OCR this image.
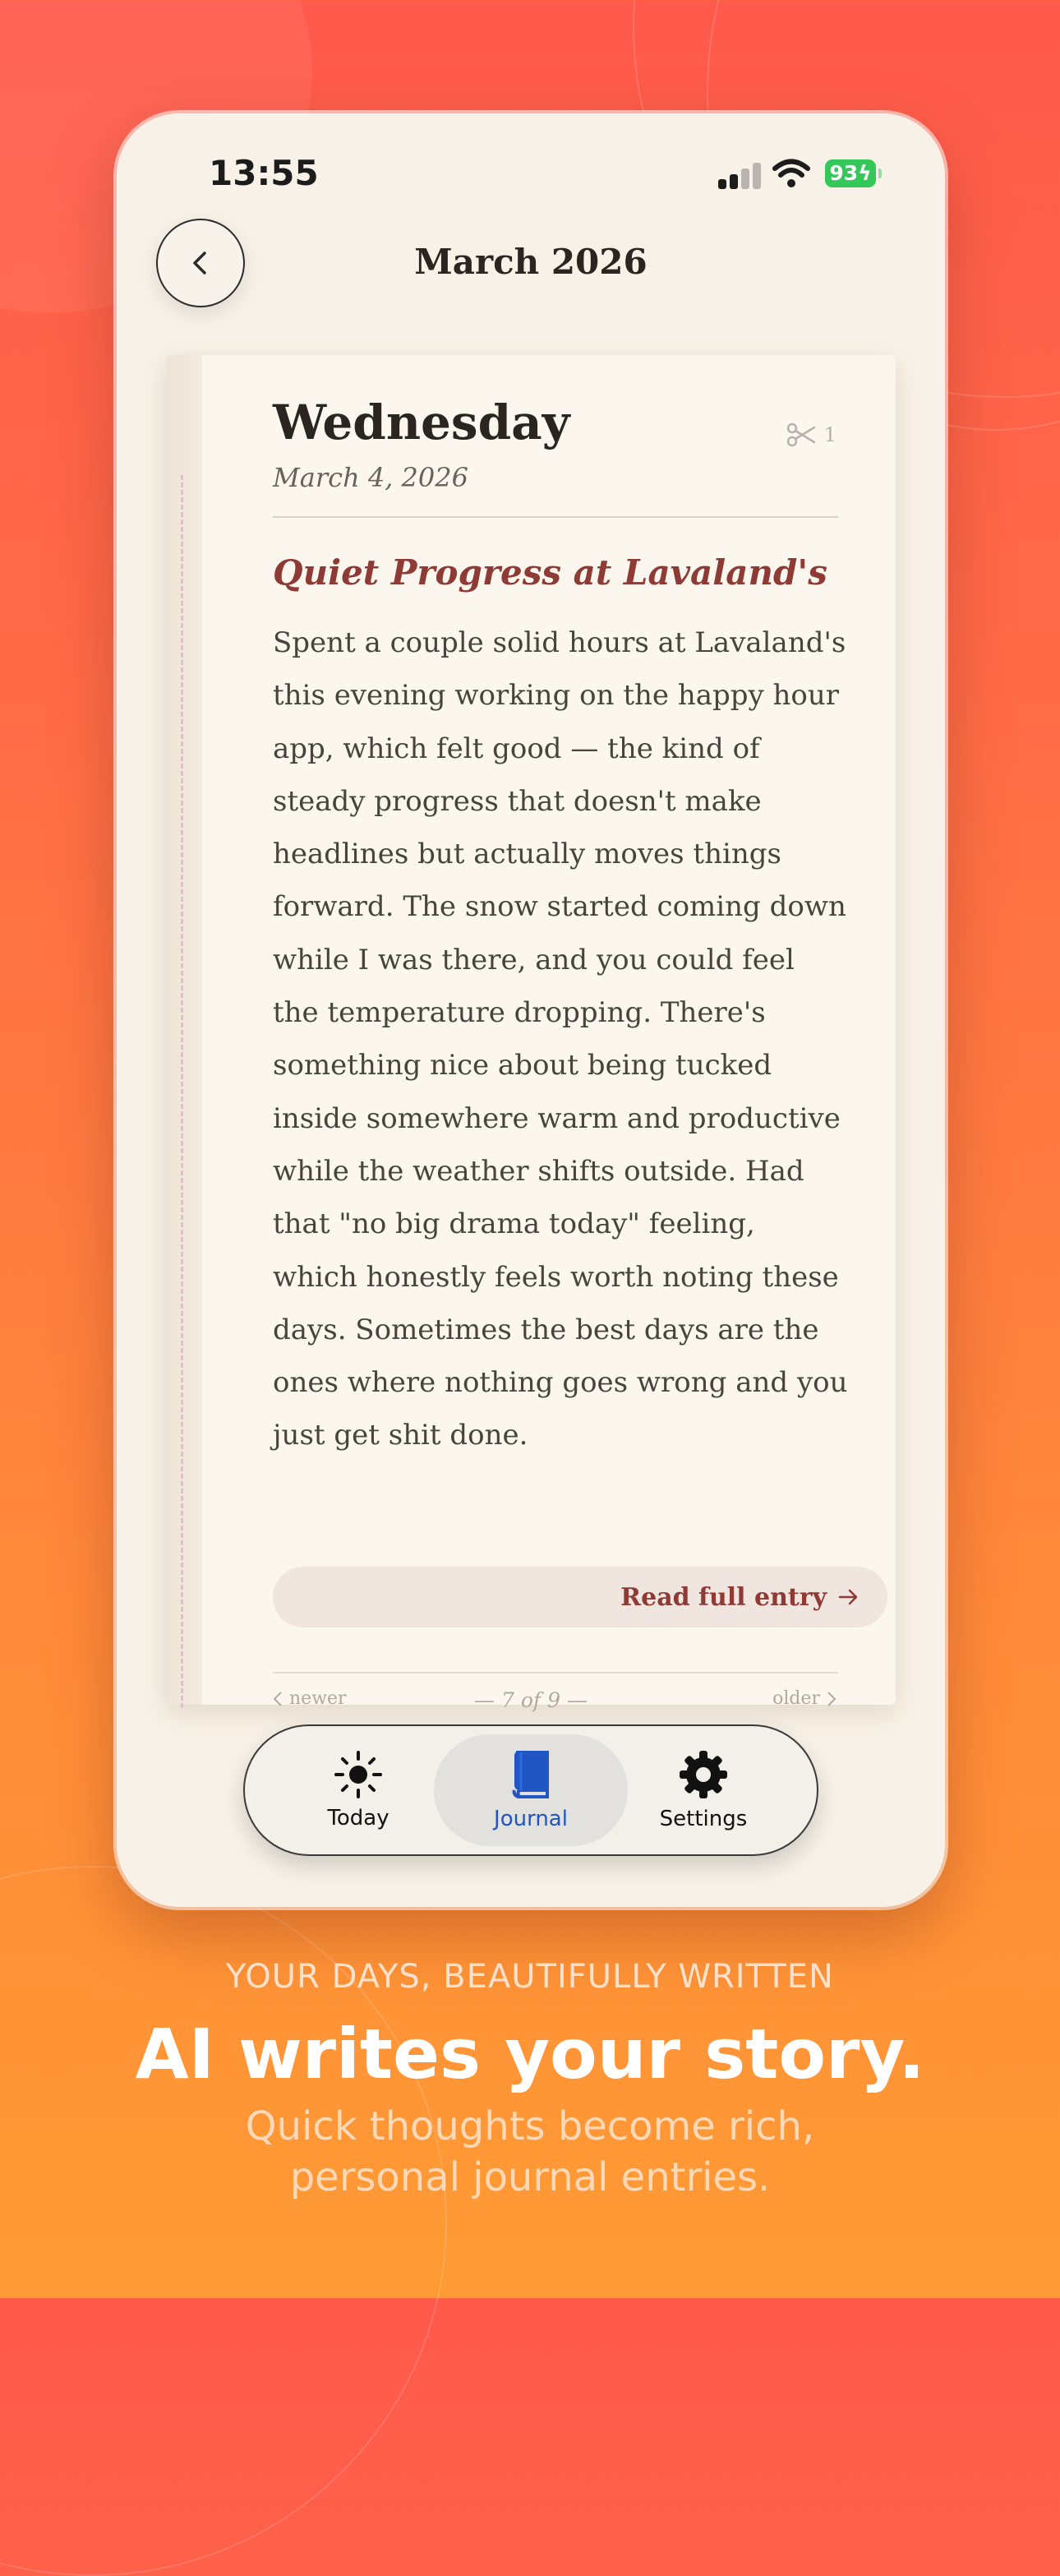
13:55	93ϟ
March 2026
Wednesday
March 4, 2026
1
Quiet Progress at Lavaland's
Spent a couple solid hours at Lavaland's this evening working on the happy hour app, which felt good — the kind of steady progress that doesn't make headlines but actually moves things forward. The snow started coming down while I was there, and you could feel the temperature dropping. There's something nice about being tucked inside somewhere warm and productive while the weather shifts outside. Had that "no big drama today" feeling, which honestly feels worth noting these days. Sometimes the best days are the ones where nothing goes wrong and you just get shit done.
Read full entry
newer	— 7 of 9 —	older
Today	Journal	Settings
YOUR DAYS, BEAUTIFULLY WRITTEN
AI writes your story.
Quick thoughts become rich,
personal journal entries.
